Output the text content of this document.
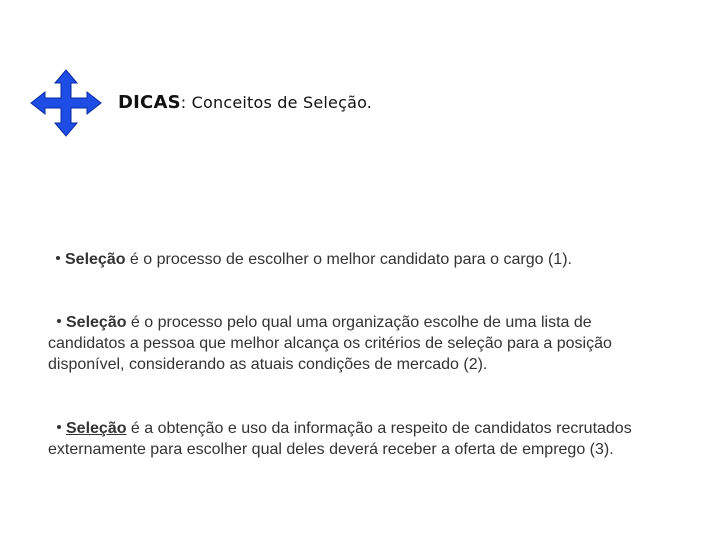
DICAS: Conceitos de Seleção.
Seleção é o processo de escolher o melhor candidato para o cargo (1).
Seleção é o processo pelo qual uma organização escolhe de uma lista de candidatos a pessoa que melhor alcança os critérios de seleção para a posição disponível, considerando as atuais condições de mercado (2).
Seleção é a obtenção e uso da informação a respeito de candidatos recrutados externamente para escolher qual deles deverá receber a oferta de emprego (3).
